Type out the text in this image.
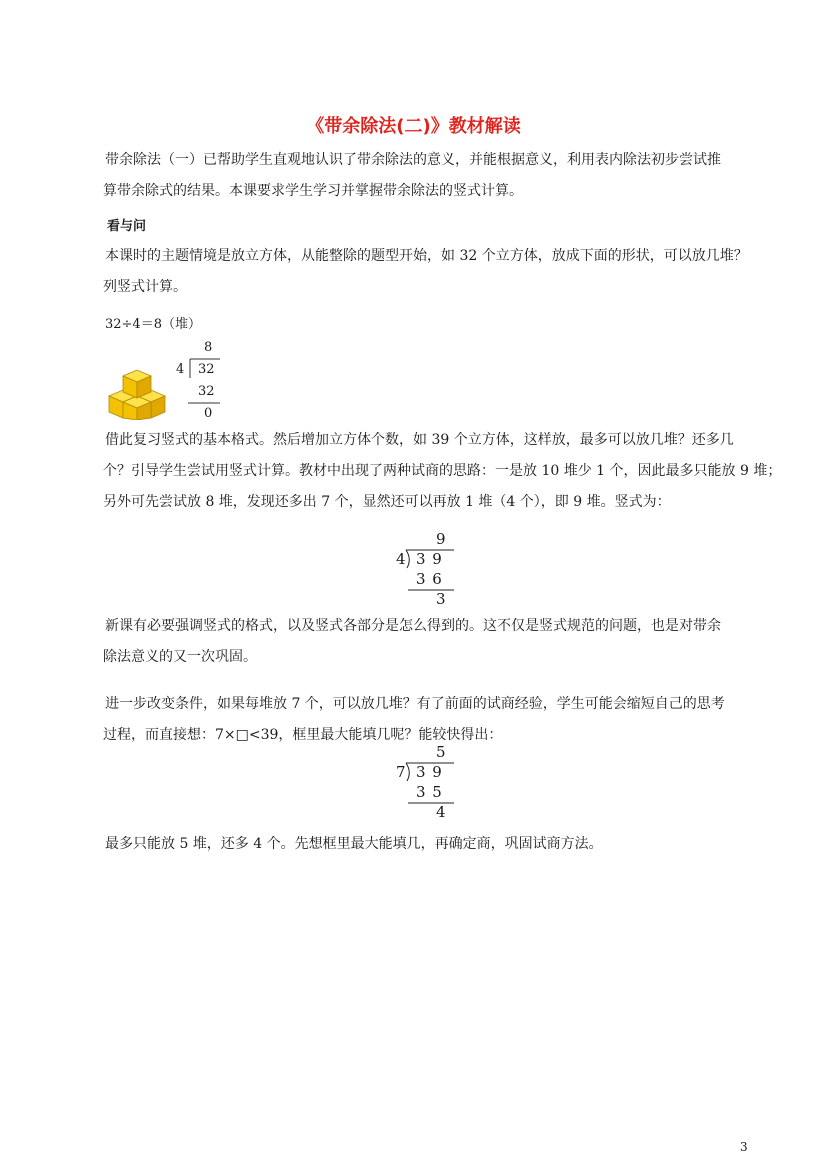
《带余除法(二)》教材解读
带余除法（一）已帮助学生直观地认识了带余除法的意义，并能根据意义，利用表内除法初步尝试推
算带余除式的结果。本课要求学生学习并掌握带余除法的竖式计算。
看与问
本课时的主题情境是放立方体，从能整除的题型开始，如 32 个立方体，放成下面的形状，可以放几堆？
列竖式计算。
32÷4＝8（堆）
8
4 32
32
0
借此复习竖式的基本格式。然后增加立方体个数，如 39 个立方体，这样放，最多可以放几堆？还多几
个？引导学生尝试用竖式计算。教材中出现了两种试商的思路：一是放 10 堆少 1 个，因此最多只能放 9 堆；
另外可先尝试放 8 堆，发现还多出 7 个，显然还可以再放 1 堆（4 个），即 9 堆。竖式为：
9
4 3 9
3 6
3
新课有必要强调竖式的格式，以及竖式各部分是怎么得到的。这不仅是竖式规范的问题，也是对带余
除法意义的又一次巩固。
进一步改变条件，如果每堆放 7 个，可以放几堆？有了前面的试商经验，学生可能会缩短自己的思考
过程，而直接想：7×□<39，框里最大能填几呢？能较快得出：
5
7 3 9
3 5
4
最多只能放 5 堆，还多 4 个。先想框里最大能填几，再确定商，巩固试商方法。
3
